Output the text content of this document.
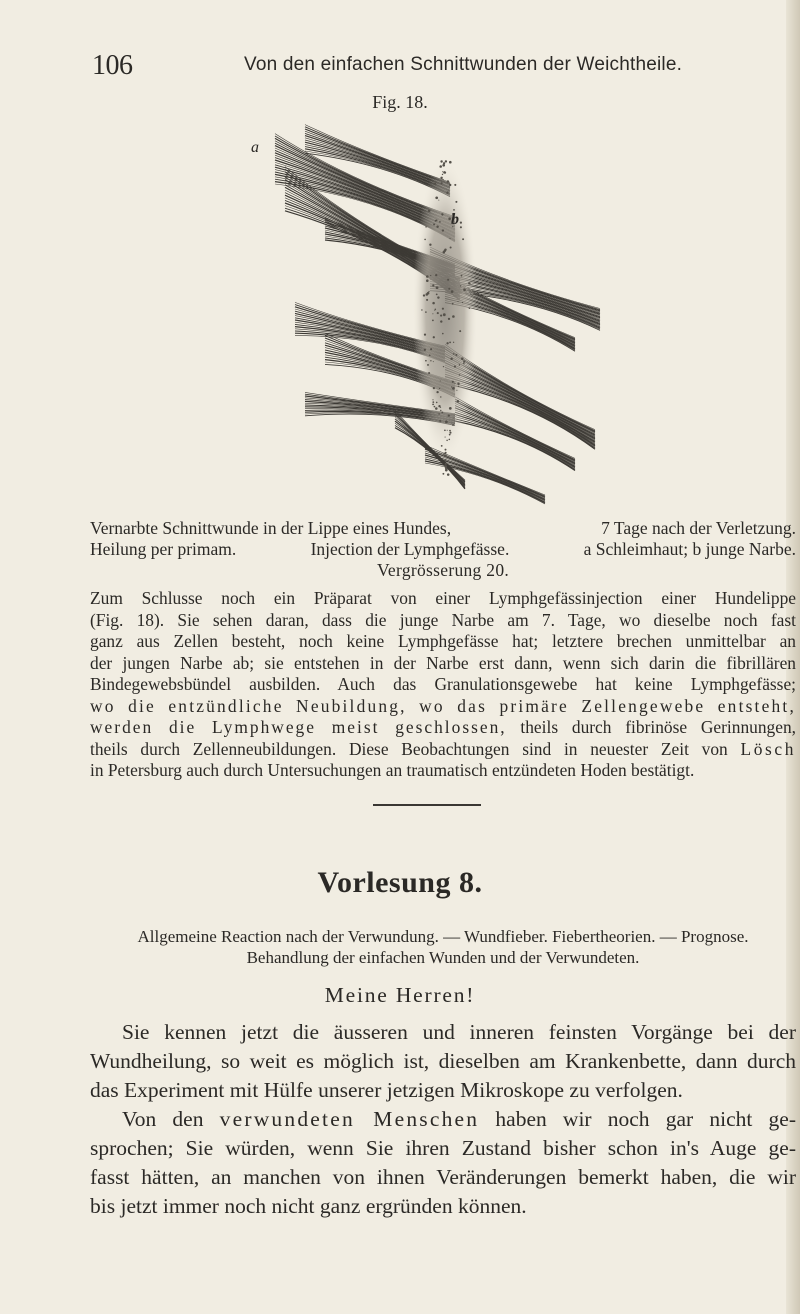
106	Von den einfachen Schnittwunden der Weichtheile.
Fig. 18.
a
b
Vernarbte Schnittwunde in der Lippe eines Hundes,	7 Tage nach der Verletzung.
Heilung per primam.	Injection der Lymphgefässe.	a Schleimhaut; b junge Narbe.
Vergrösserung 20.
Zum Schlusse noch ein Präparat von einer Lymphgefässinjection einer Hundelippe
(Fig. 18). Sie sehen daran, dass die junge Narbe am 7. Tage, wo dieselbe noch fast
ganz aus Zellen besteht, noch keine Lymphgefässe hat; letztere brechen unmittelbar an
der jungen Narbe ab; sie entstehen in der Narbe erst dann, wenn sich darin die fibrillären
Bindegewebsbündel ausbilden. Auch das Granulationsgewebe hat keine Lymphgefässe;
wo die entzündliche Neubildung, wo das primäre Zellengewebe entsteht,
werden die Lymphwege meist geschlossen, theils durch fibrinöse Gerinnungen,
theils durch Zellenneubildungen. Diese Beobachtungen sind in neuester Zeit von Lösch
in Petersburg auch durch Untersuchungen an traumatisch entzündeten Hoden bestätigt.
Vorlesung 8.
Allgemeine Reaction nach der Verwundung. — Wundfieber. Fiebertheorien. — Prognose.
Behandlung der einfachen Wunden und der Verwundeten.
Meine Herren!
Sie kennen jetzt die äusseren und inneren feinsten Vorgänge bei der
Wundheilung, so weit es möglich ist, dieselben am Krankenbette, dann durch
das Experiment mit Hülfe unserer jetzigen Mikroskope zu verfolgen.
Von den verwundeten Menschen haben wir noch gar nicht ge-
sprochen; Sie würden, wenn Sie ihren Zustand bisher schon in's Auge ge-
fasst hätten, an manchen von ihnen Veränderungen bemerkt haben, die wir
bis jetzt immer noch nicht ganz ergründen können.
